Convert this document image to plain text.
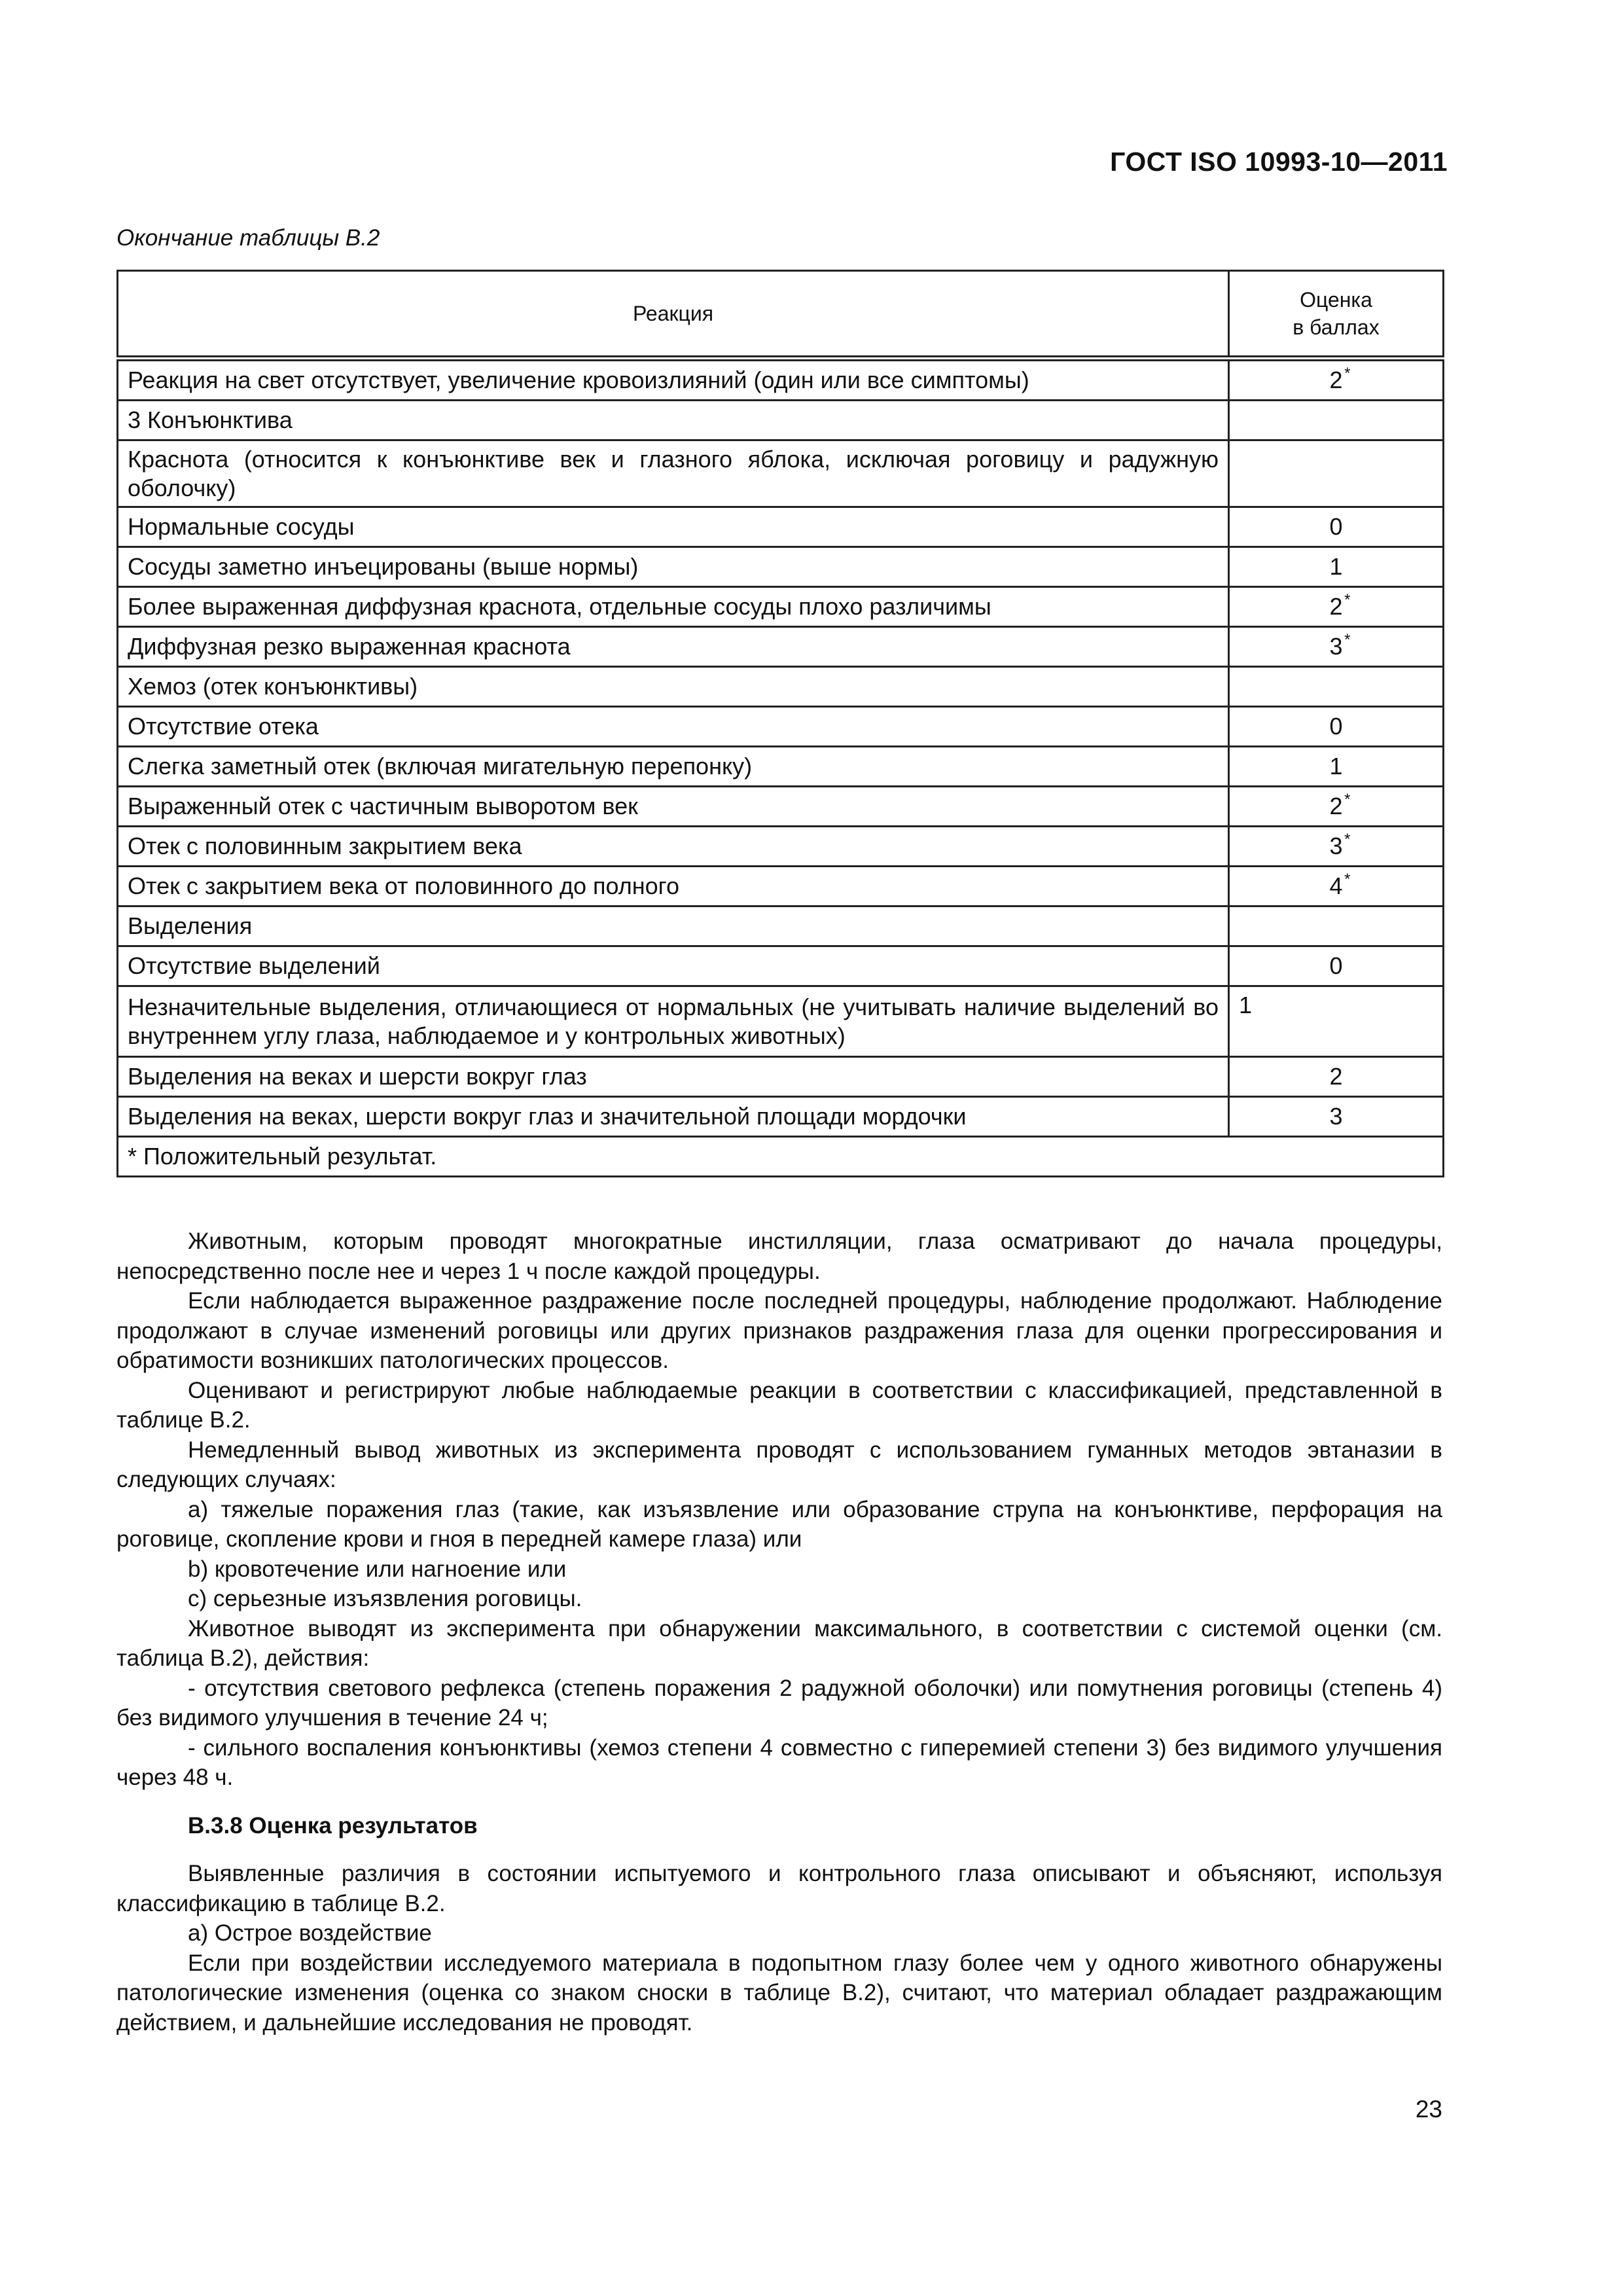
ГОСТ ISO 10993-10—2011
Окончание таблицы В.2
Реакция	Оценка
в баллах

Реакция на свет отсутствует, увеличение кровоизлияний (один или все симптомы)	2 *

3 Конъюнктива	
Краснота (относится к конъюнктиве век и глазного яблока, исключая роговицу и радужную оболочку)	
Нормальные сосуды	0
Сосуды заметно инъецированы (выше нормы)	1
Более выраженная диффузная краснота, отдельные сосуды плохо различимы	2 *

Диффузная резко выраженная краснота	3 *

Хемоз (отек конъюнктивы)	
Отсутствие отека	0
Слегка заметный отек (включая мигательную перепонку)	1
Выраженный отек с частичным выворотом век	2 *

Отек с половинным закрытием века	3 *

Отек с закрытием века от половинного до полного	4 *

Выделения	
Отсутствие выделений	0
Незначительные выделения, отличающиеся от нормальных (не учитывать наличие выделений во внутреннем углу глаза, наблюдаемое и у контрольных животных)	1
Выделения на веках и шерсти вокруг глаз	2
Выделения на веках, шерсти вокруг глаз и значительной площади мордочки	3
* Положительный результат.	

Животным, которым проводят многократные инстилляции, глаза осматривают до начала процедуры, непосредственно после нее и через 1 ч после каждой процедуры.

Если наблюдается выраженное раздражение после последней процедуры, наблюдение продолжают. Наблюдение продолжают в случае изменений роговицы или других признаков раздражения глаза для оценки прогрессирования и обратимости возникших патологических процессов.

Оценивают и регистрируют любые наблюдаемые реакции в соответствии с классификацией, представленной в таблице В.2.

Немедленный вывод животных из эксперимента проводят с использованием гуманных методов эвтаназии в следующих случаях:

a) тяжелые поражения глаз (такие, как изъязвление или образование струпа на конъюнктиве, перфорация на роговице, скопление крови и гноя в передней камере глаза) или

b) кровотечение или нагноение или

c) серьезные изъязвления роговицы.

Животное выводят из эксперимента при обнаружении максимального, в соответствии с системой оценки (см. таблица В.2), действия:

- отсутствия светового рефлекса (степень поражения 2 радужной оболочки) или помутнения роговицы (степень 4) без видимого улучшения в течение 24 ч;

- сильного воспаления конъюнктивы (хемоз степени 4 совместно с гиперемией степени 3) без видимого улучшения через 48 ч.

В.3.8 Оценка результатов

Выявленные различия в состоянии испытуемого и контрольного глаза описывают и объясняют, используя классификацию в таблице В.2.

a) Острое воздействие

Если при воздействии исследуемого материала в подопытном глазу более чем у одного животного обнаружены патологические изменения (оценка со знаком сноски в таблице В.2), считают, что материал обладает раздражающим действием, и дальнейшие исследования не проводят.

23
